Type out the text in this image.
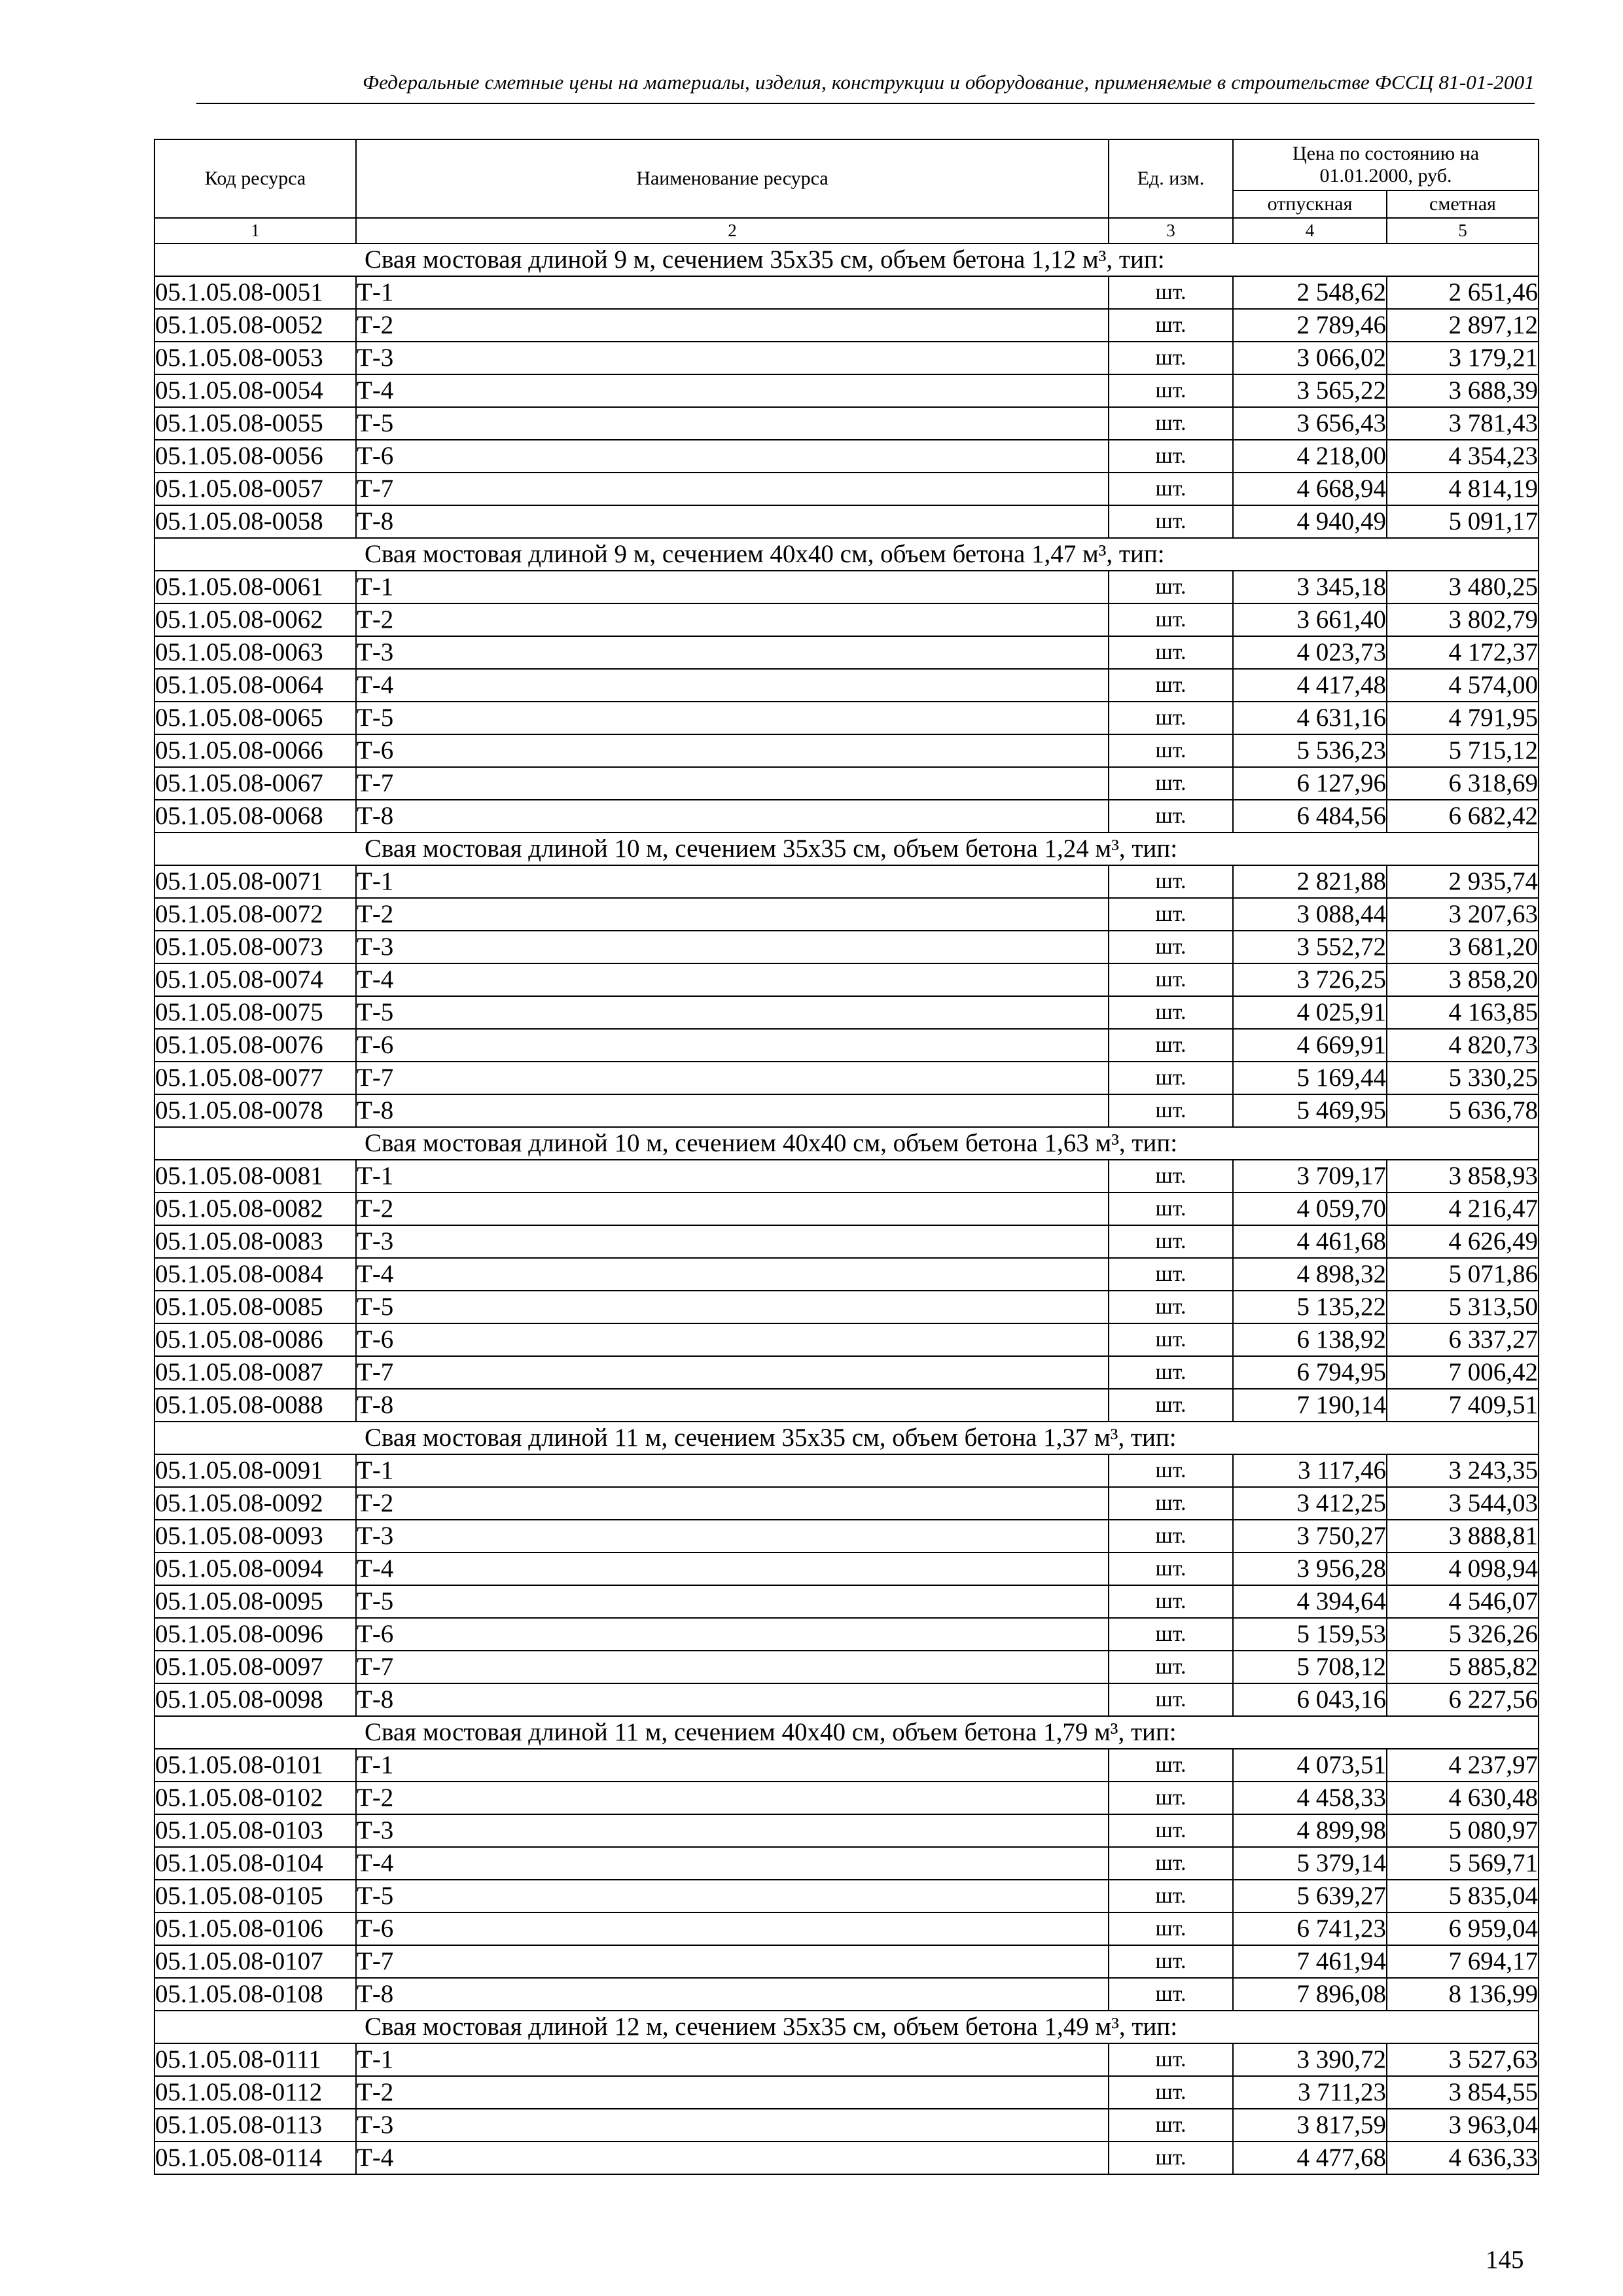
Федеральные сметные цены на материалы, изделия, конструкции и оборудование, применяемые в строительстве ФССЦ 81-01-2001
Код ресурса	Наименование ресурса	Ед. изм.	Цена по состоянию на 01.01.2000, руб.	
			отпускная	сметная
1	2	3	4	5
Свая мостовая длиной 9 м, сечением 35х35 см, объем бетона 1,12 м³, тип:				
05.1.05.08-0051	Т-1	шт.	2 548,62	2 651,46
05.1.05.08-0052	Т-2	шт.	2 789,46	2 897,12
05.1.05.08-0053	Т-3	шт.	3 066,02	3 179,21
05.1.05.08-0054	Т-4	шт.	3 565,22	3 688,39
05.1.05.08-0055	Т-5	шт.	3 656,43	3 781,43
05.1.05.08-0056	Т-6	шт.	4 218,00	4 354,23
05.1.05.08-0057	Т-7	шт.	4 668,94	4 814,19
05.1.05.08-0058	Т-8	шт.	4 940,49	5 091,17
Свая мостовая длиной 9 м, сечением 40х40 см, объем бетона 1,47 м³, тип:				
05.1.05.08-0061	Т-1	шт.	3 345,18	3 480,25
05.1.05.08-0062	Т-2	шт.	3 661,40	3 802,79
05.1.05.08-0063	Т-3	шт.	4 023,73	4 172,37
05.1.05.08-0064	Т-4	шт.	4 417,48	4 574,00
05.1.05.08-0065	Т-5	шт.	4 631,16	4 791,95
05.1.05.08-0066	Т-6	шт.	5 536,23	5 715,12
05.1.05.08-0067	Т-7	шт.	6 127,96	6 318,69
05.1.05.08-0068	Т-8	шт.	6 484,56	6 682,42
Свая мостовая длиной 10 м, сечением 35х35 см, объем бетона 1,24 м³, тип:				
05.1.05.08-0071	Т-1	шт.	2 821,88	2 935,74
05.1.05.08-0072	Т-2	шт.	3 088,44	3 207,63
05.1.05.08-0073	Т-3	шт.	3 552,72	3 681,20
05.1.05.08-0074	Т-4	шт.	3 726,25	3 858,20
05.1.05.08-0075	Т-5	шт.	4 025,91	4 163,85
05.1.05.08-0076	Т-6	шт.	4 669,91	4 820,73
05.1.05.08-0077	Т-7	шт.	5 169,44	5 330,25
05.1.05.08-0078	Т-8	шт.	5 469,95	5 636,78
Свая мостовая длиной 10 м, сечением 40х40 см, объем бетона 1,63 м³, тип:				
05.1.05.08-0081	Т-1	шт.	3 709,17	3 858,93
05.1.05.08-0082	Т-2	шт.	4 059,70	4 216,47
05.1.05.08-0083	Т-3	шт.	4 461,68	4 626,49
05.1.05.08-0084	Т-4	шт.	4 898,32	5 071,86
05.1.05.08-0085	Т-5	шт.	5 135,22	5 313,50
05.1.05.08-0086	Т-6	шт.	6 138,92	6 337,27
05.1.05.08-0087	Т-7	шт.	6 794,95	7 006,42
05.1.05.08-0088	Т-8	шт.	7 190,14	7 409,51
Свая мостовая длиной 11 м, сечением 35х35 см, объем бетона 1,37 м³, тип:				
05.1.05.08-0091	Т-1	шт.	3 117,46	3 243,35
05.1.05.08-0092	Т-2	шт.	3 412,25	3 544,03
05.1.05.08-0093	Т-3	шт.	3 750,27	3 888,81
05.1.05.08-0094	Т-4	шт.	3 956,28	4 098,94
05.1.05.08-0095	Т-5	шт.	4 394,64	4 546,07
05.1.05.08-0096	Т-6	шт.	5 159,53	5 326,26
05.1.05.08-0097	Т-7	шт.	5 708,12	5 885,82
05.1.05.08-0098	Т-8	шт.	6 043,16	6 227,56
Свая мостовая длиной 11 м, сечением 40х40 см, объем бетона 1,79 м³, тип:				
05.1.05.08-0101	Т-1	шт.	4 073,51	4 237,97
05.1.05.08-0102	Т-2	шт.	4 458,33	4 630,48
05.1.05.08-0103	Т-3	шт.	4 899,98	5 080,97
05.1.05.08-0104	Т-4	шт.	5 379,14	5 569,71
05.1.05.08-0105	Т-5	шт.	5 639,27	5 835,04
05.1.05.08-0106	Т-6	шт.	6 741,23	6 959,04
05.1.05.08-0107	Т-7	шт.	7 461,94	7 694,17
05.1.05.08-0108	Т-8	шт.	7 896,08	8 136,99
Свая мостовая длиной 12 м, сечением 35х35 см, объем бетона 1,49 м³, тип:				
05.1.05.08-0111	Т-1	шт.	3 390,72	3 527,63
05.1.05.08-0112	Т-2	шт.	3 711,23	3 854,55
05.1.05.08-0113	Т-3	шт.	3 817,59	3 963,04
05.1.05.08-0114	Т-4	шт.	4 477,68	4 636,33
145
